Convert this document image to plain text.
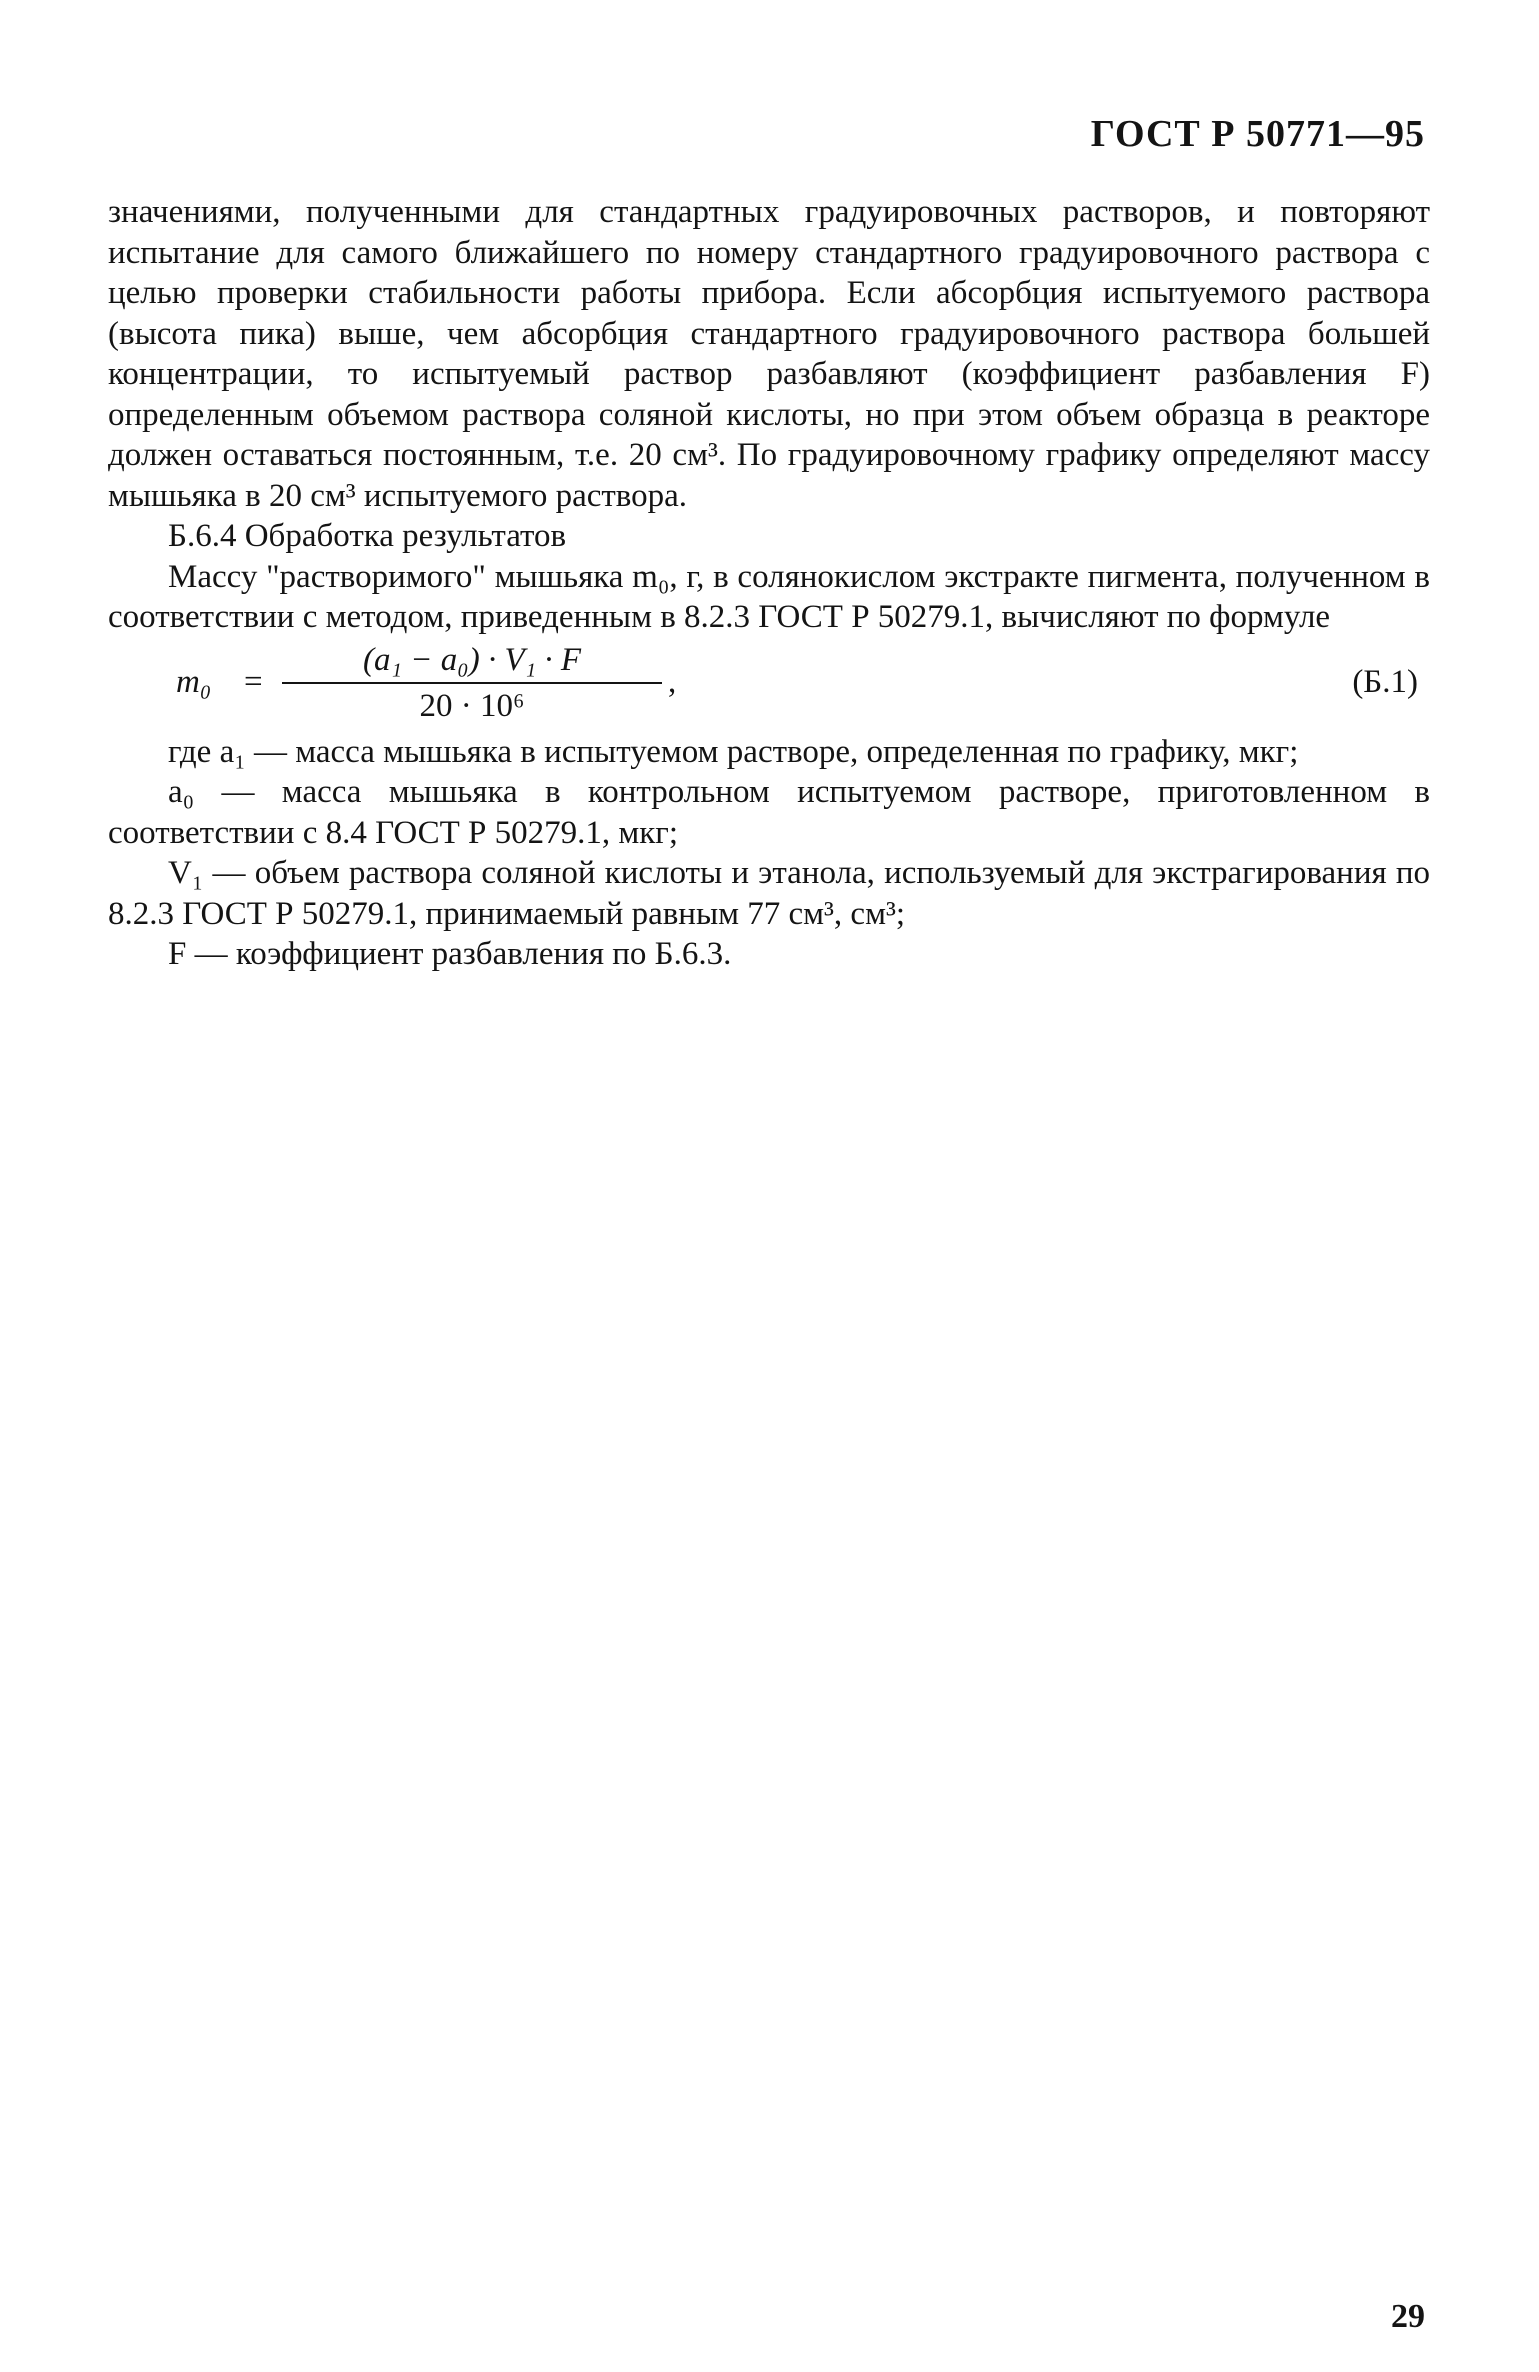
ГОСТ Р 50771—95

значениями, полученными для стандартных градуировочных растворов, и повторяют испытание для самого ближайшего по номеру стандартного градуировочного раствора с целью проверки стабильности работы прибора. Если абсорбция испытуемого раствора (высота пика) выше, чем абсорбция стандартного градуировочного раствора большей концентрации, то испытуемый раствор разбавляют (коэффициент разбавления F) определенным объемом раствора соляной кислоты, но при этом объем образца в реакторе должен оставаться постоянным, т.е. 20 см³. По градуировочному графику определяют массу мышьяка в 20 см³ испытуемого раствора.

Б.6.4 Обработка результатов

Массу "растворимого" мышьяка m₀, г, в солянокислом экстракте пигмента, полученном в соответствии с методом, приведенным в 8.2.3 ГОСТ Р 50279.1, вычисляют по формуле

m₀ =
(a₁ − a₀) · V₁ · F
20 · 10⁶
,	(Б.1)

где a₁ — масса мышьяка в испытуемом растворе, определенная по графику, мкг;

a₀ — масса мышьяка в контрольном испытуемом растворе, приготовленном в соответствии с 8.4 ГОСТ Р 50279.1, мкг;

V₁ — объем раствора соляной кислоты и этанола, используемый для экстрагирования по 8.2.3 ГОСТ Р 50279.1, принимаемый равным 77 см³, см³;

F — коэффициент разбавления по Б.6.3.

29
